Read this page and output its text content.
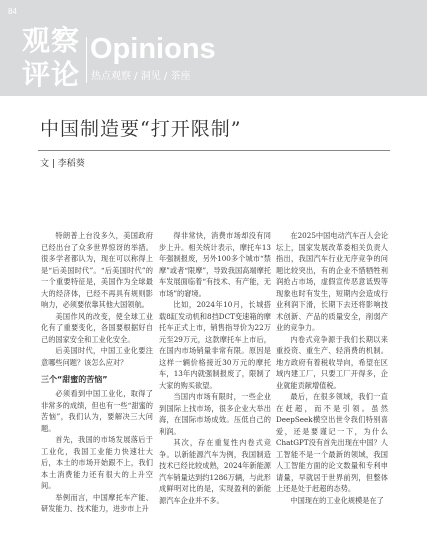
84
观察
评论
Opinions
热点观察 / 洞见 / 茶座
中国制造要“打开限制”
文 | 李稻葵

特朗普上台没多久，美国政府已经出台了众多世界惊讶的举措。很多学者都认为，现在可以称得上是“后美国时代”。“后美国时代”的一个重要特征是，美国作为全球最大的经济体，已经不再具有规则影响力，必须要依靠其他大国领航。

美国作风的改变，使全球工业化有了重要变化，各国要根据好自己的国家安全和工业化安全。

后美国时代，中国工业化要注意哪些问题？该怎么应对？

三个“甜蜜的苦恼”

必须看到中国工业化，取得了非常多的成绩，但也有一些“甜蜜的苦恼”，我们认为，要解决三大问题。

首先，我国的市场发展落后于工业化，我国工业能力快速壮大后，本土的市场开始跟不上，我们本土消费能力还有很大的上升空间。

举例而言，中国摩托车产能、研发能力、技术能力，进步市上升

得非常快，消费市场却没有同步上升。相关统计表示，摩托车13年强制报废，另外100多个城市“禁摩”或者“限摩”，导致我国高端摩托车发展面临着“有技术、有产能，无市场”的窘境。

比如，2024年10月，长城搭载8缸发动机和8挡DCT变速箱的摩托车正式上市，销售指导价为22万元至29万元，这款摩托车上市后，在国内市场销量非常有限。原因是这样一辆价格接近30万元的摩托车，13年内就强制报废了，限制了大家的购买欲望。

当国内市场有限时，一些企业到国际上找市场，很多企业大举出海，在国际市场成效。压低自己的利润。

其次，存在重复性内卷式竞争。以新能源汽车为例，我国制造技术已经比较成熟，2024年新能源汽车销量达到约1286万辆，与此形成鲜明对比的是，实现盈利的新能源汽车企业并不多。

在2025中国电动汽车百人会论坛上，国家发展改革委相关负责人指出，我国汽车行业无序竞争的问题比较突出，有的企业不惜牺牲利润抢占市场，虚假宣传恶意诋毁等现象也时有发生，短期内会造成行业利润下滑，长期下去还将影响技术创新、产品的质量安全，削弱产业的竞争力。

内卷式竞争源于我们长期以来重投资、重生产、轻消费的机制。地方政府有着税收导向，希望在区域内建工厂，只要工厂开得多，企业就能贡献增值税。

最后，在很多领域，我们一直在赶超，而不是引领。虽然DeepSeek横空出世令我们特别喜爱，还是要谨记一下，为什么ChatGPT没有首先出现在中国？人工智能不是一个最新的领域，我国人工智能方面的论文数量和专利申请量，早就居于世界前列，但整体上还是处于赶超的态势。

中国现在的工业化规模是在了
